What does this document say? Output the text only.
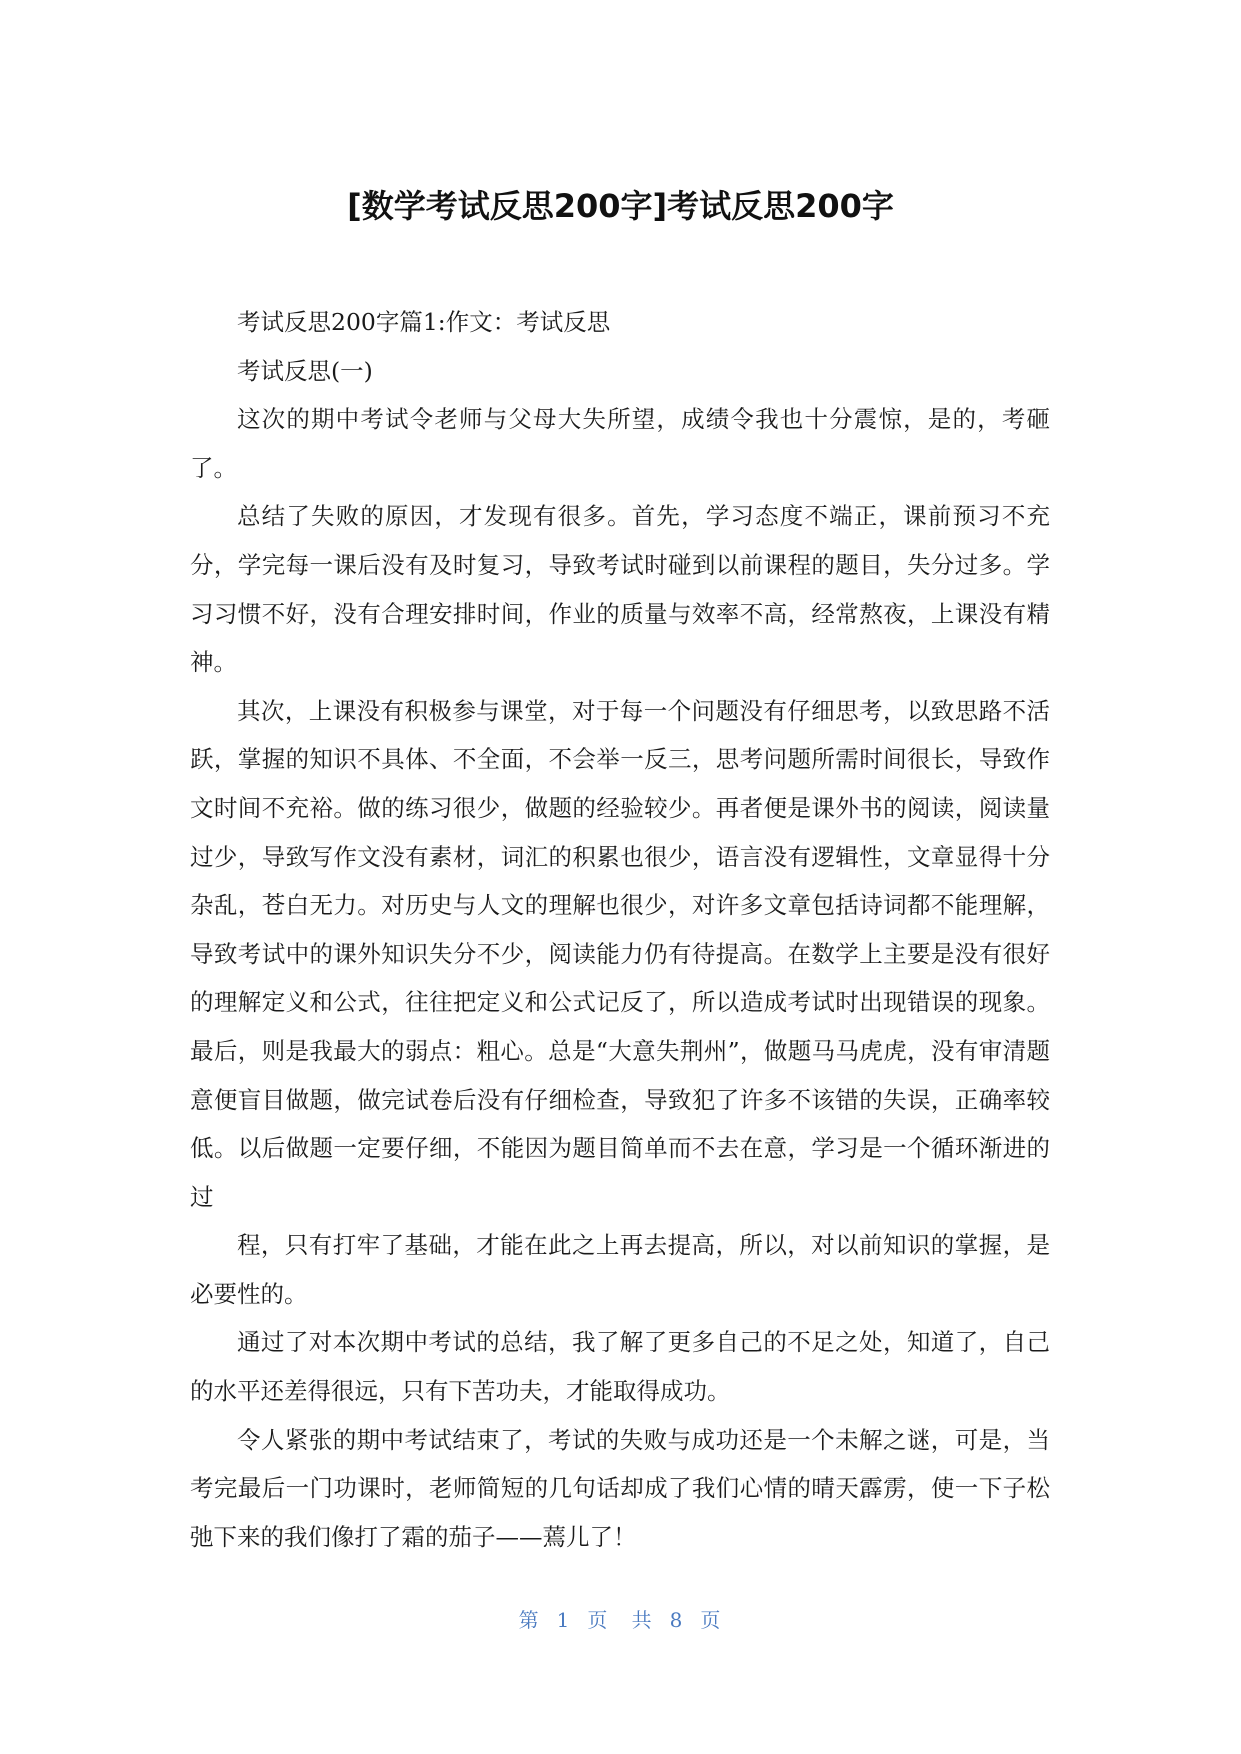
[数学考试反思200字]考试反思200字

考试反思200字篇1:作文：考试反思

考试反思(一)

这次的期中考试令老师与父母大失所望，成绩令我也十分震惊，是的，考砸了。

总结了失败的原因，才发现有很多。首先，学习态度不端正，课前预习不充分，学完每一课后没有及时复习，导致考试时碰到以前课程的题目，失分过多。学习习惯不好，没有合理安排时间，作业的质量与效率不高，经常熬夜，上课没有精神。

其次，上课没有积极参与课堂，对于每一个问题没有仔细思考，以致思路不活跃，掌握的知识不具体、不全面，不会举一反三，思考问题所需时间很长，导致作文时间不充裕。做的练习很少，做题的经验较少。再者便是课外书的阅读，阅读量过少，导致写作文没有素材，词汇的积累也很少，语言没有逻辑性，文章显得十分杂乱，苍白无力。对历史与人文的理解也很少，对许多文章包括诗词都不能理解，导致考试中的课外知识失分不少，阅读能力仍有待提高。在数学上主要是没有很好的理解定义和公式，往往把定义和公式记反了，所以造成考试时出现错误的现象。 最后，则是我最大的弱点：粗心。总是“大意失荆州”，做题马马虎虎，没有审清题意便盲目做题，做完试卷后没有仔细检查，导致犯了许多不该错的失误，正确率较低。以后做题一定要仔细，不能因为题目简单而不去在意，学习是一个循环渐进的过

程，只有打牢了基础，才能在此之上再去提高，所以，对以前知识的掌握，是必要性的。

通过了对本次期中考试的总结，我了解了更多自己的不足之处，知道了，自己的水平还差得很远，只有下苦功夫，才能取得成功。

令人紧张的期中考试结束了，考试的失败与成功还是一个未解之谜，可是，当考完最后一门功课时，老师简短的几句话却成了我们心情的晴天霹雳，使一下子松弛下来的我们像打了霜的茄子——蔫儿了！

第 1 页 共 8 页
